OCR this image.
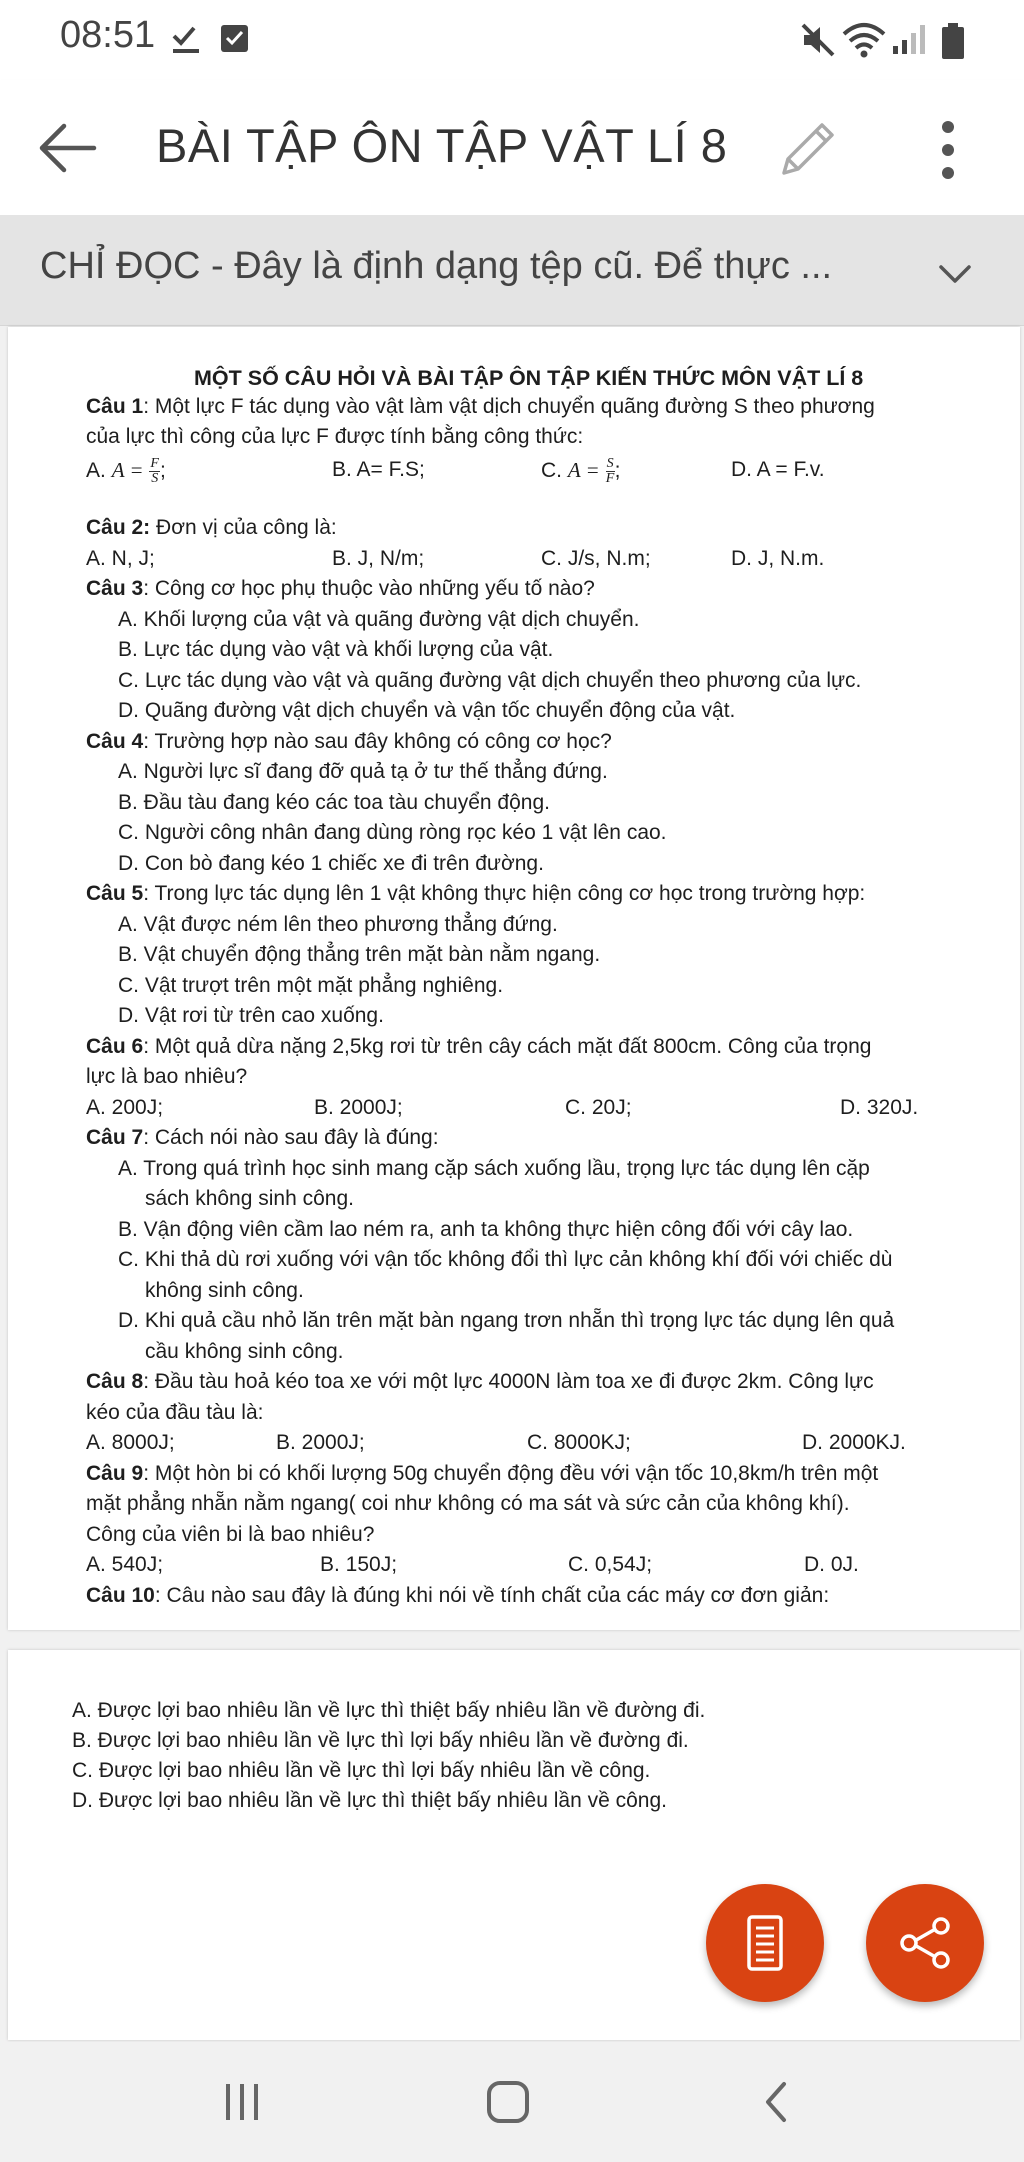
08:51
BÀI TẬP ÔN TẬP VẬT LÍ 8
CHỈ ĐỌC - Đây là định dạng tệp cũ. Để thực ...
MỘT SỐ CÂU HỎI VÀ BÀI TẬP ÔN TẬP KIẾN THỨC MÔN VẬT LÍ 8
Câu 1: Một lực F tác dụng vào vật làm vật dịch chuyển quãng đường S theo phương
của lực thì công của lực F được tính bằng công thức:
A. $A = \frac{F}{S}$ ;	B. A= F.S;	C. $A = \frac{S}{F}$ ;	D. A = F.v.
Câu 2: Đơn vị của công là:
A. N, J;	B. J, N/m;	C. J/s, N.m;	D. J, N.m.
Câu 3: Công cơ học phụ thuộc vào những yếu tố nào?
A. Khối lượng của vật và quãng đường vật dịch chuyển.
B. Lực tác dụng vào vật và khối lượng của vật.
C. Lực tác dụng vào vật và quãng đường vật dịch chuyển theo phương của lực.
D. Quãng đường vật dịch chuyển và vận tốc chuyển động của vật.
Câu 4: Trường hợp nào sau đây không có công cơ học?
A. Người lực sĩ đang đỡ quả tạ ở tư thế thẳng đứng.
B. Đầu tàu đang kéo các toa tàu chuyển động.
C. Người công nhân đang dùng ròng rọc kéo 1 vật lên cao.
D. Con bò đang kéo 1 chiếc xe đi trên đường.
Câu 5: Trong lực tác dụng lên 1 vật không thực hiện công cơ học trong trường hợp:
A. Vật được ném lên theo phương thẳng đứng.
B. Vật chuyển động thẳng trên mặt bàn nằm ngang.
C. Vật trượt trên một mặt phẳng nghiêng.
D. Vật rơi từ trên cao xuống.
Câu 6: Một quả dừa nặng 2,5kg rơi từ trên cây cách mặt đất 800cm. Công của trọng
lực là bao nhiêu?
A. 200J;	B. 2000J;	C. 20J;	D. 320J.
Câu 7: Cách nói nào sau đây là đúng:
A. Trong quá trình học sinh mang cặp sách xuống lầu, trọng lực tác dụng lên cặp
sách không sinh công.
B. Vận động viên cầm lao ném ra, anh ta không thực hiện công đối với cây lao.
C. Khi thả dù rơi xuống với vận tốc không đổi thì lực cản không khí đối với chiếc dù
không sinh công.
D. Khi quả cầu nhỏ lăn trên mặt bàn ngang trơn nhẵn thì trọng lực tác dụng lên quả
cầu không sinh công.
Câu 8: Đầu tàu hoả kéo toa xe với một lực 4000N làm toa xe đi được 2km. Công lực
kéo của đầu tàu là:
A. 8000J;	B. 2000J;	C. 8000KJ;	D. 2000KJ.
Câu 9: Một hòn bi có khối lượng 50g chuyển động đều với vận tốc 10,8km/h trên một
mặt phẳng nhẵn nằm ngang( coi như không có ma sát và sức cản của không khí).
Công của viên bi là bao nhiêu?
A. 540J;	B. 150J;	C. 0,54J;	D. 0J.
Câu 10: Câu nào sau đây là đúng khi nói về tính chất của các máy cơ đơn giản:
A. Được lợi bao nhiêu lần về lực thì thiệt bấy nhiêu lần về đường đi.
B. Được lợi bao nhiêu lần về lực thì lợi bấy nhiêu lần về đường đi.
C. Được lợi bao nhiêu lần về lực thì lợi bấy nhiêu lần về công.
D. Được lợi bao nhiêu lần về lực thì thiệt bấy nhiêu lần về công.
